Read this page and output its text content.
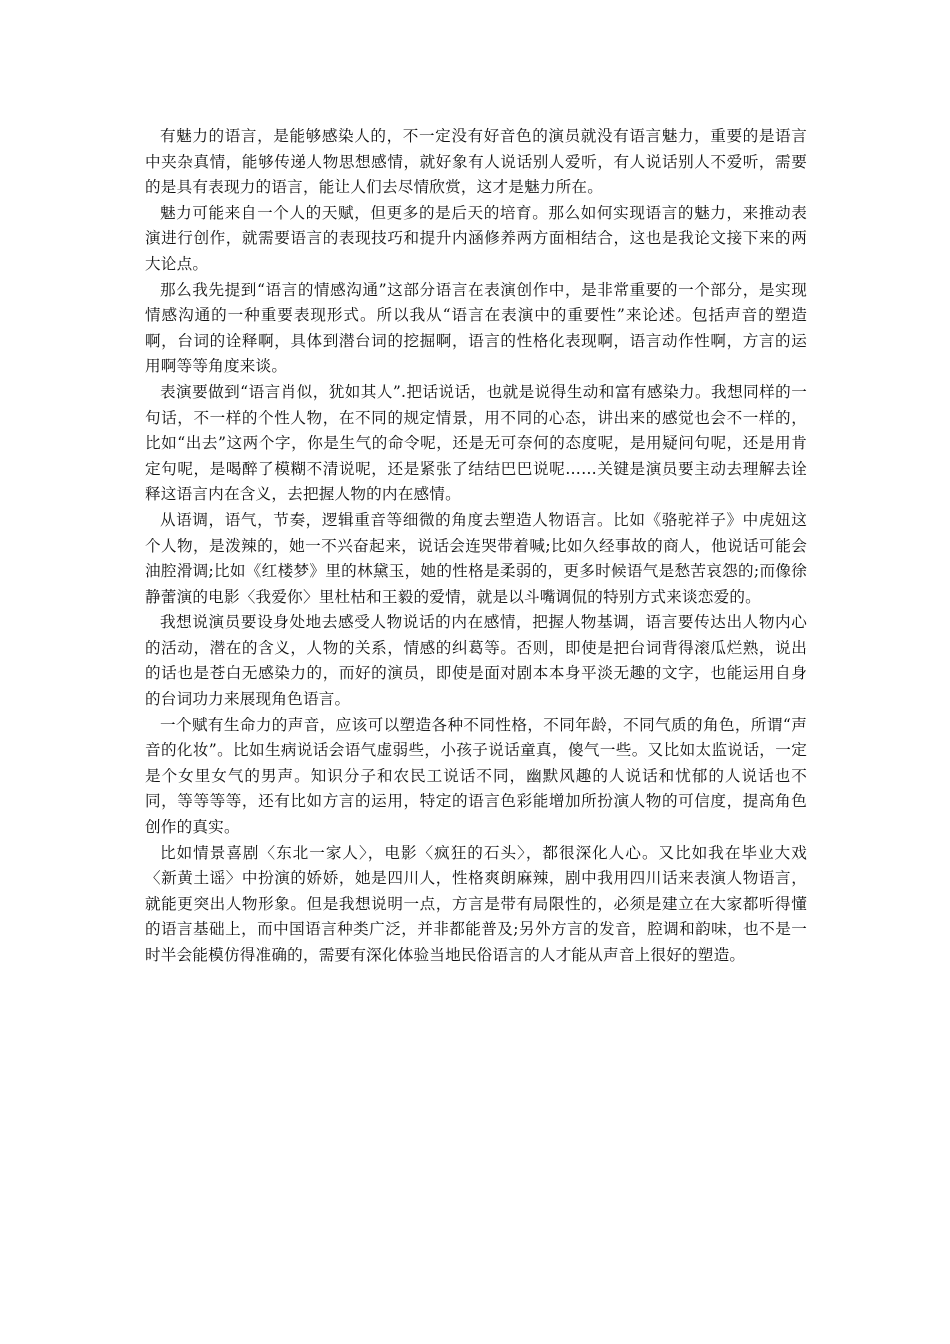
有魅力的语言，是能够感染人的，不一定没有好音色的演员就没有语言魅力，重要的是语言中夹杂真情，能够传递人物思想感情，就好象有人说话别人爱听，有人说话别人不爱听，需要的是具有表现力的语言，能让人们去尽情欣赏，这才是魅力所在。

魅力可能来自一个人的天赋，但更多的是后天的培育。那么如何实现语言的魅力，来推动表演进行创作，就需要语言的表现技巧和提升内涵修养两方面相结合，这也是我论文接下来的两大论点。

那么我先提到“语言的情感沟通”这部分语言在表演创作中，是非常重要的一个部分，是实现情感沟通的一种重要表现形式。所以我从“语言在表演中的重要性”来论述。包括声音的塑造啊，台词的诠释啊，具体到潜台词的挖掘啊，语言的性格化表现啊，语言动作性啊，方言的运用啊等等角度来谈。

表演要做到“语言肖似，犹如其人”.把话说话，也就是说得生动和富有感染力。我想同样的一句话，不一样的个性人物，在不同的规定情景，用不同的心态，讲出来的感觉也会不一样的，比如“出去”这两个字，你是生气的命令呢，还是无可奈何的态度呢，是用疑问句呢，还是用肯定句呢，是喝醉了模糊不清说呢，还是紧张了结结巴巴说呢……关键是演员要主动去理解去诠释这语言内在含义，去把握人物的内在感情。

从语调，语气，节奏，逻辑重音等细微的角度去塑造人物语言。比如《骆驼祥子》中虎妞这个人物，是泼辣的，她一不兴奋起来，说话会连哭带着喊;比如久经事故的商人，他说话可能会油腔滑调;比如《红楼梦》里的林黛玉，她的性格是柔弱的，更多时候语气是愁苦哀怨的;而像徐静蕾演的电影〈我爱你〉里杜枯和王毅的爱情，就是以斗嘴调侃的特别方式来谈恋爱的。

我想说演员要设身处地去感受人物说话的内在感情，把握人物基调，语言要传达出人物内心的活动，潜在的含义，人物的关系，情感的纠葛等。否则，即使是把台词背得滚瓜烂熟，说出的话也是苍白无感染力的，而好的演员，即使是面对剧本本身平淡无趣的文字，也能运用自身的台词功力来展现角色语言。

一个赋有生命力的声音，应该可以塑造各种不同性格，不同年龄，不同气质的角色，所谓“声音的化妆”。比如生病说话会语气虚弱些，小孩子说话童真，傻气一些。又比如太监说话，一定是个女里女气的男声。知识分子和农民工说话不同，幽默风趣的人说话和忧郁的人说话也不同，等等等等，还有比如方言的运用，特定的语言色彩能增加所扮演人物的可信度，提高角色创作的真实。

比如情景喜剧〈东北一家人〉，电影〈疯狂的石头〉，都很深化人心。又比如我在毕业大戏〈新黄土谣〉中扮演的娇娇，她是四川人，性格爽朗麻辣，剧中我用四川话来表演人物语言，就能更突出人物形象。但是我想说明一点，方言是带有局限性的，必须是建立在大家都听得懂的语言基础上，而中国语言种类广泛，并非都能普及;另外方言的发音，腔调和韵味，也不是一时半会能模仿得准确的，需要有深化体验当地民俗语言的人才能从声音上很好的塑造。
